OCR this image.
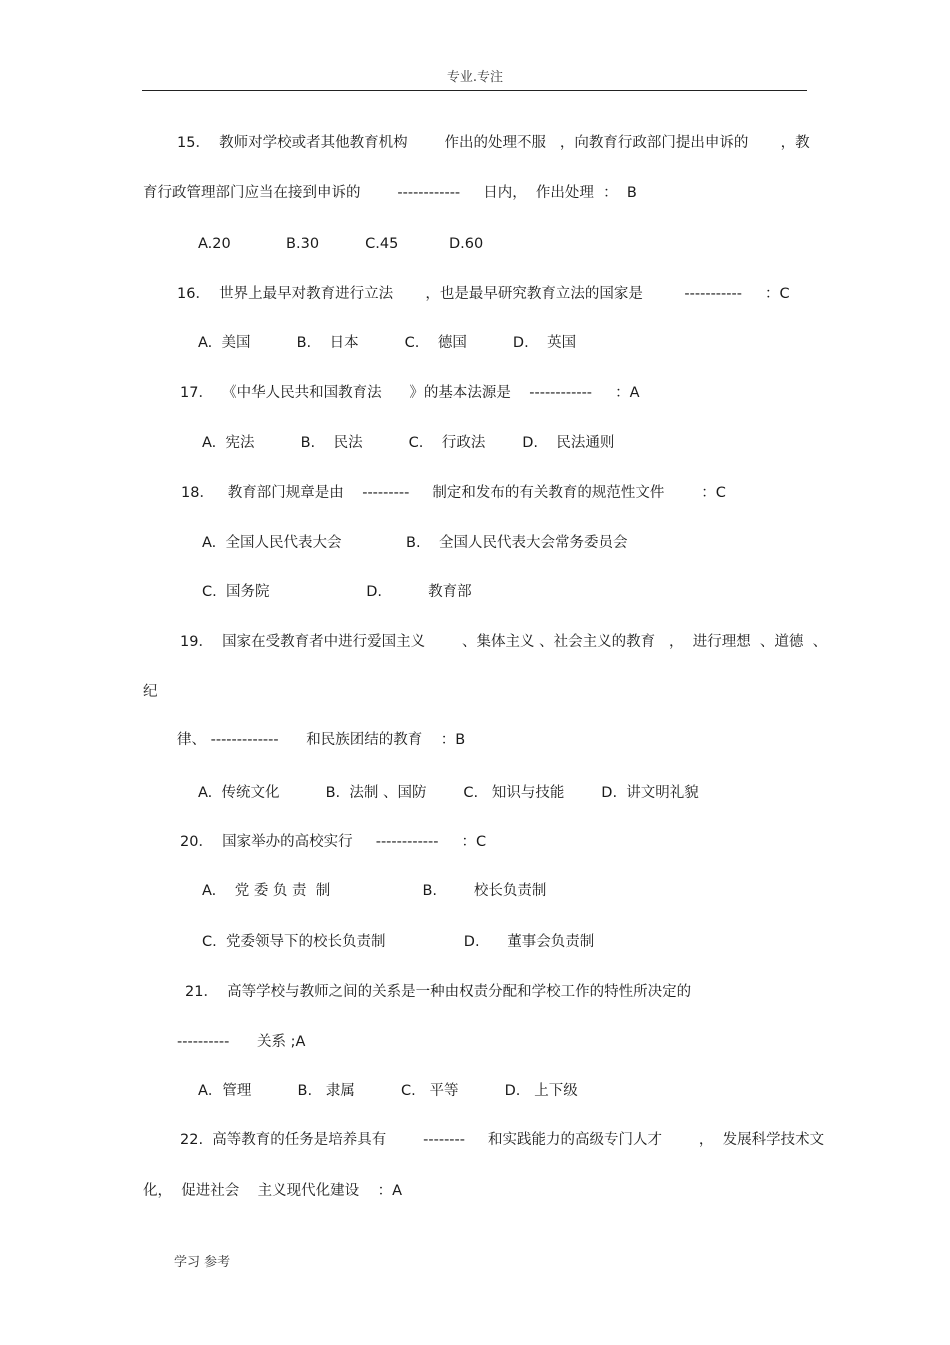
专业.专注
15．  教师对学校或者其他教育机构        作出的处理不服   ，向教育行政部门提出申诉的       ，教
育行政管理部门应当在接到申诉的        ------------     日内，  作出处理  ：  B
A.20            B.30          C.45           D.60
16．  世界上最早对教育进行立法       ，也是最早研究教育立法的国家是         -----------     ：C
A.  美国          B.    日本          C.    德国          D.    英国
17．  《中华人民共和国教育法      》的基本法源是    ------------     ：A
A.  宪法          B.    民法          C.    行政法        D.    民法通则
18．   教育部门规章是由    ---------     制定和发布的有关教育的规范性文件        ：C
A.  全国人民代表大会              B.    全国人民代表大会常务委员会
C.  国务院                     D.          教育部
19．  国家在受教育者中进行爱国主义        、集体主义 、社会主义的教育   ，  进行理想  、道德  、
纪
律、 -------------      和民族团结的教育    ：B
A.  传统文化          B.  法制 、国防        C.   知识与技能        D.  讲文明礼貌
20．  国家举办的高校实行     ------------     ：C
A.    党 委 负 责  制                    B.        校长负责制
C.  党委领导下的校长负责制                 D.      董事会负责制
21．  高等学校与教师之间的关系是一种由权责分配和学校工作的特性所决定的
----------      关系 ;A
A．管理          B.   隶属          C.   平等          D.   上下级
22.  高等教育的任务是培养具有        --------     和实践能力的高级专门人才        ，  发展科学技术文
化，  促进社会    主义现代化建设    ：A
学习 参考
